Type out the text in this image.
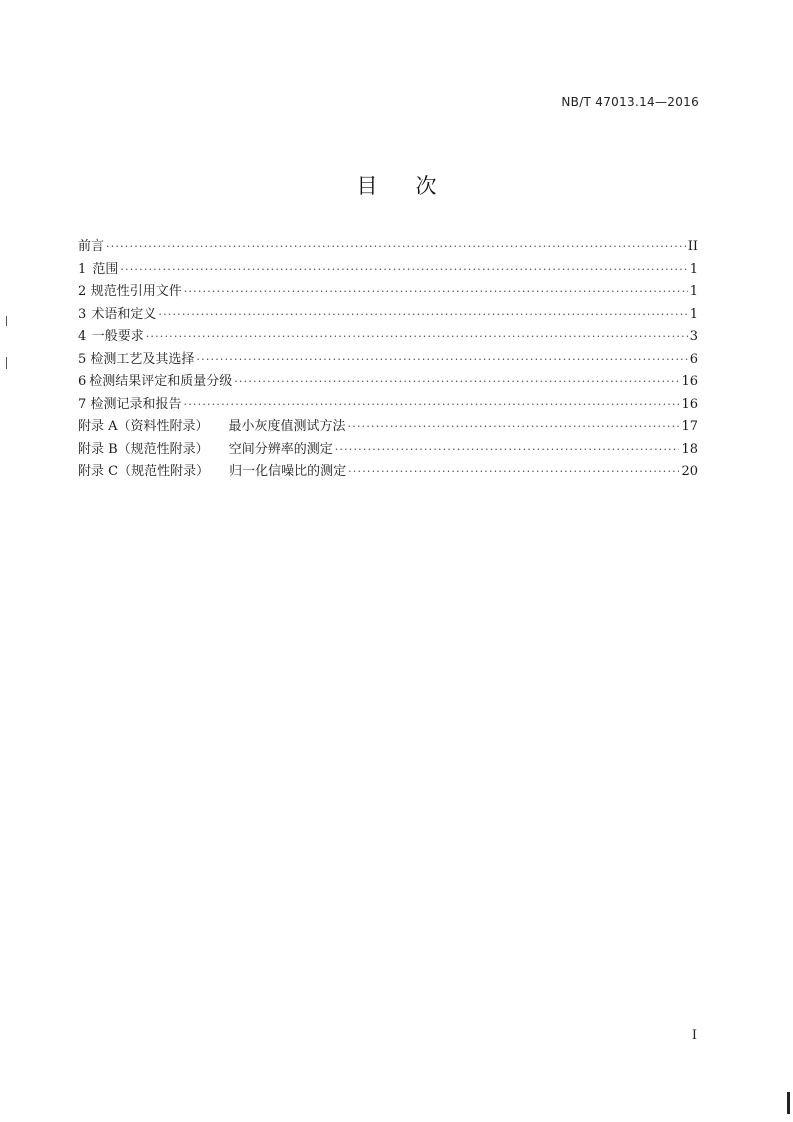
NB/T 47013.14—2016
目次
前言 ·····	II
1 范围 ·····	1
2 规范性引用文件 ·····	1
3 术语和定义 ·····	1
4 一般要求 ·····	3
5 检测工艺及其选择 ·····	6
6 检测结果评定和质量分级 ·····	16
7 检测记录和报告 ·····	16
附录 A（资料性附录） 最小灰度值测试方法 ·····	17
附录 B（规范性附录） 空间分辨率的测定 ·····	18
附录 C（规范性附录） 归一化信噪比的测定 ·····	20
I
